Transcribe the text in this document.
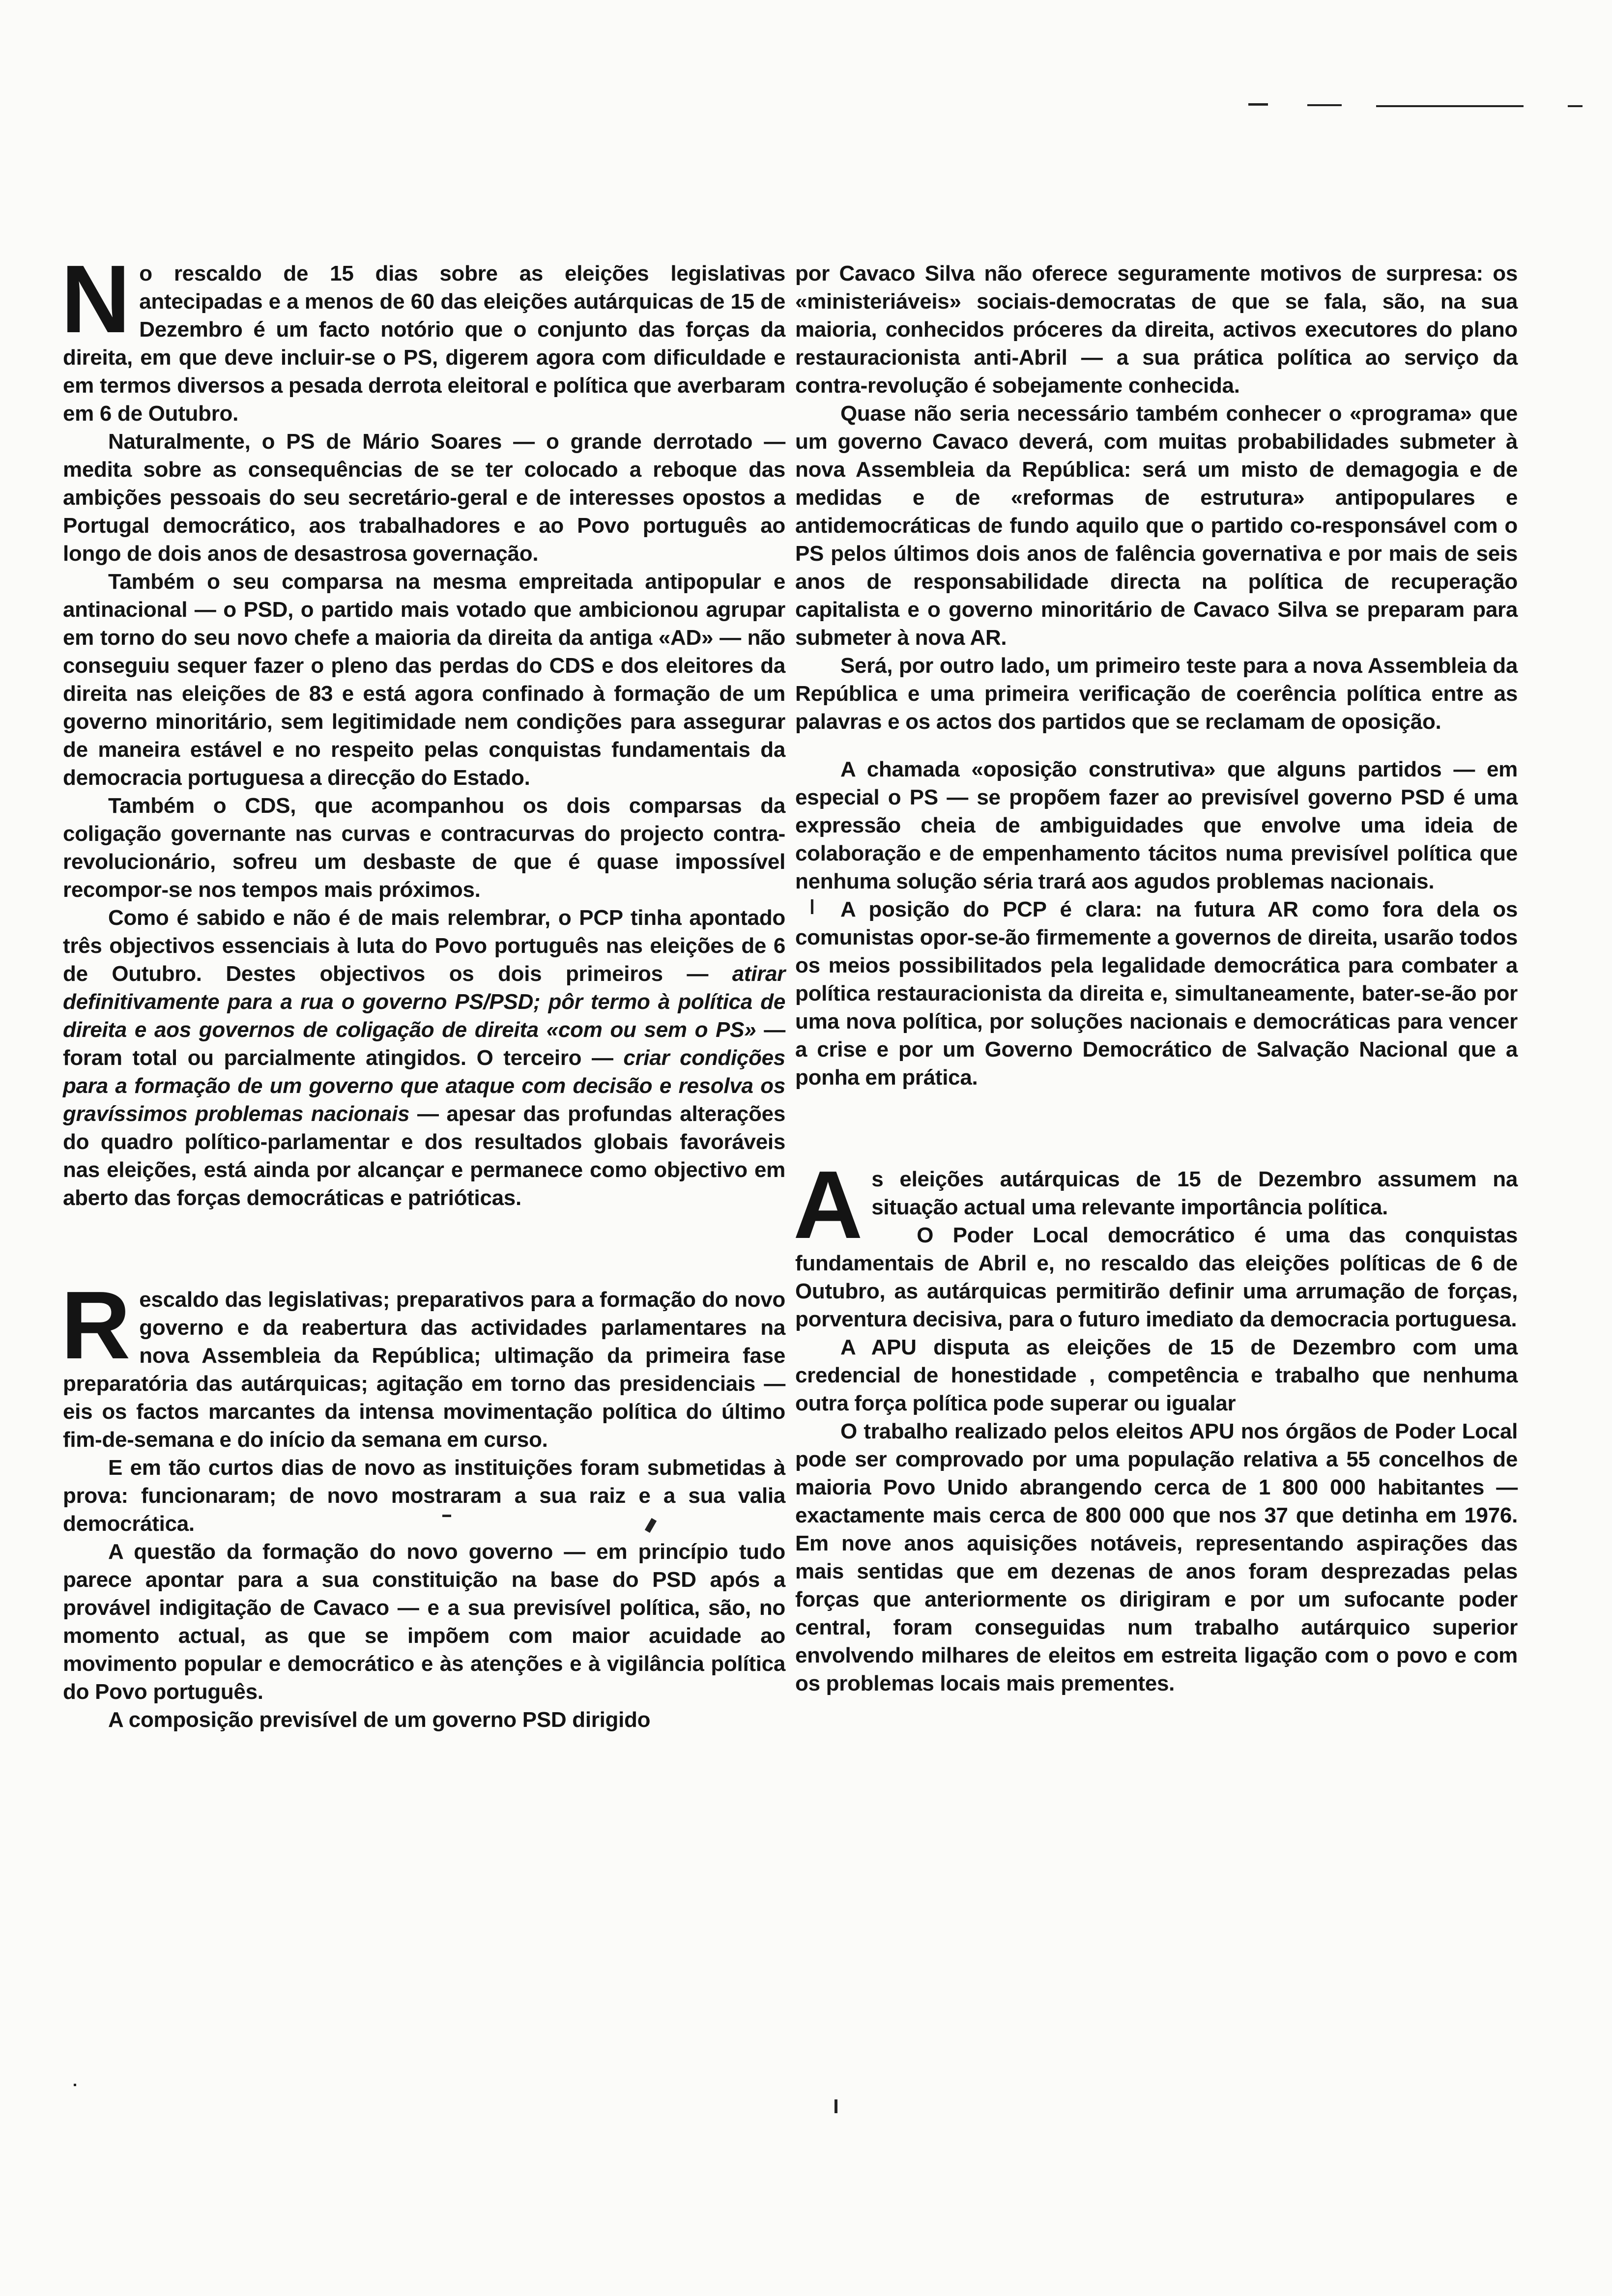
No rescaldo de 15 dias sobre as eleições legislativas antecipadas e a menos de 60 das eleições autárquicas de 15 de Dezembro é um facto notório que o conjunto das forças da direita, em que deve incluir-se o PS, digerem agora com dificuldade e em termos diversos a pesada derrota eleitoral e política que averbaram em 6 de Outubro.

Naturalmente, o PS de Mário Soares — o grande derrotado — medita sobre as consequências de se ter colocado a reboque das ambições pessoais do seu secretário-geral e de interesses opostos a Portugal democrático, aos trabalhadores e ao Povo português ao longo de dois anos de desastrosa governação.

Também o seu comparsa na mesma empreitada antipopular e antinacional — o PSD, o partido mais votado que ambicionou agrupar em torno do seu novo chefe a maioria da direita da antiga «AD» — não conseguiu sequer fazer o pleno das perdas do CDS e dos eleitores da direita nas eleições de 83 e está agora confinado à formação de um governo minoritário, sem legitimidade nem condições para assegurar de maneira estável e no respeito pelas conquistas fundamentais da democracia portuguesa a direcção do Estado.

Também o CDS, que acompanhou os dois comparsas da coligação governante nas curvas e contracurvas do projecto contra-revolucionário, sofreu um desbaste de que é quase impossível recompor-se nos tempos mais próximos.

Como é sabido e não é de mais relembrar, o PCP tinha apontado três objectivos essenciais à luta do Povo português nas eleições de 6 de Outubro. Destes objectivos os dois primeiros — atirar definitivamente para a rua o governo PS/PSD; pôr termo à política de direita e aos governos de coligação de direita «com ou sem o PS» — foram total ou parcialmente atingidos. O terceiro — criar condições para a formação de um governo que ataque com decisão e resolva os gravíssimos problemas nacionais — apesar das profundas alterações do quadro político-parlamentar e dos resultados globais favoráveis nas eleições, está ainda por alcançar e permanece como objectivo em aberto das forças democráticas e patrióticas.

Rescaldo das legislativas; preparativos para a formação do novo governo e da reabertura das actividades parlamentares na nova Assembleia da República; ultimação da primeira fase preparatória das autárquicas; agitação em torno das presidenciais — eis os factos marcantes da intensa movimentação política do último fim-de-semana e do início da semana em curso.

E em tão curtos dias de novo as instituições foram submetidas à prova: funcionaram; de novo mostraram a sua raiz e a sua valia democrática.

A questão da formação do novo governo — em princípio tudo parece apontar para a sua constituição na base do PSD após a provável indigitação de Cavaco — e a sua previsível política, são, no momento actual, as que se impõem com maior acuidade ao movimento popular e democrático e às atenções e à vigilância política do Povo português.

A composição previsível de um governo PSD dirigido

por Cavaco Silva não oferece seguramente motivos de surpresa: os «ministeriáveis» sociais-democratas de que se fala, são, na sua maioria, conhecidos próceres da direita, activos executores do plano restauracionista anti-Abril — a sua prática política ao serviço da contra-revolução é sobejamente conhecida.

Quase não seria necessário também conhecer o «programa» que um governo Cavaco deverá, com muitas probabilidades submeter à nova Assembleia da República: será um misto de demagogia e de medidas e de «reformas de estrutura» antipopulares e antidemocráticas de fundo aquilo que o partido co-responsável com o PS pelos últimos dois anos de falência governativa e por mais de seis anos de responsabilidade directa na política de recuperação capitalista e o governo minoritário de Cavaco Silva se preparam para submeter à nova AR.

Será, por outro lado, um primeiro teste para a nova Assembleia da República e uma primeira verificação de coerência política entre as palavras e os actos dos partidos que se reclamam de oposição.

A chamada «oposição construtiva» que alguns partidos — em especial o PS — se propõem fazer ao previsível governo PSD é uma expressão cheia de ambiguidades que envolve uma ideia de colaboração e de empenhamento tácitos numa previsível política que nenhuma solução séria trará aos agudos problemas nacionais.

A posição do PCP é clara: na futura AR como fora dela os comunistas opor-se-ão firmemente a governos de direita, usarão todos os meios possibilitados pela legalidade democrática para combater a política restauracionista da direita e, simultaneamente, bater-se-ão por uma nova política, por soluções nacionais e democráticas para vencer a crise e por um Governo Democrático de Salvação Nacional que a ponha em prática.

As eleições autárquicas de 15 de Dezembro assumem na situação actual uma relevante importância política.

O Poder Local democrático é uma das conquistas fundamentais de Abril e, no rescaldo das eleições políticas de 6 de Outubro, as autárquicas permitirão definir uma arrumação de forças, porventura decisiva, para o futuro imediato da democracia portuguesa.

A APU disputa as eleições de 15 de Dezembro com uma credencial de honestidade , competência e trabalho que nenhuma outra força política pode superar ou igualar

O trabalho realizado pelos eleitos APU nos órgãos de Poder Local pode ser comprovado por uma população relativa a 55 concelhos de maioria Povo Unido abrangendo cerca de 1 800 000 habitantes — exactamente mais cerca de 800 000 que nos 37 que detinha em 1976. Em nove anos aquisições notáveis, representando aspirações das mais sentidas que em dezenas de anos foram desprezadas pelas forças que anteriormente os dirigiram e por um sufocante poder central, foram conseguidas num trabalho autárquico superior envolvendo milhares de eleitos em estreita ligação com o povo e com os problemas locais mais prementes.
